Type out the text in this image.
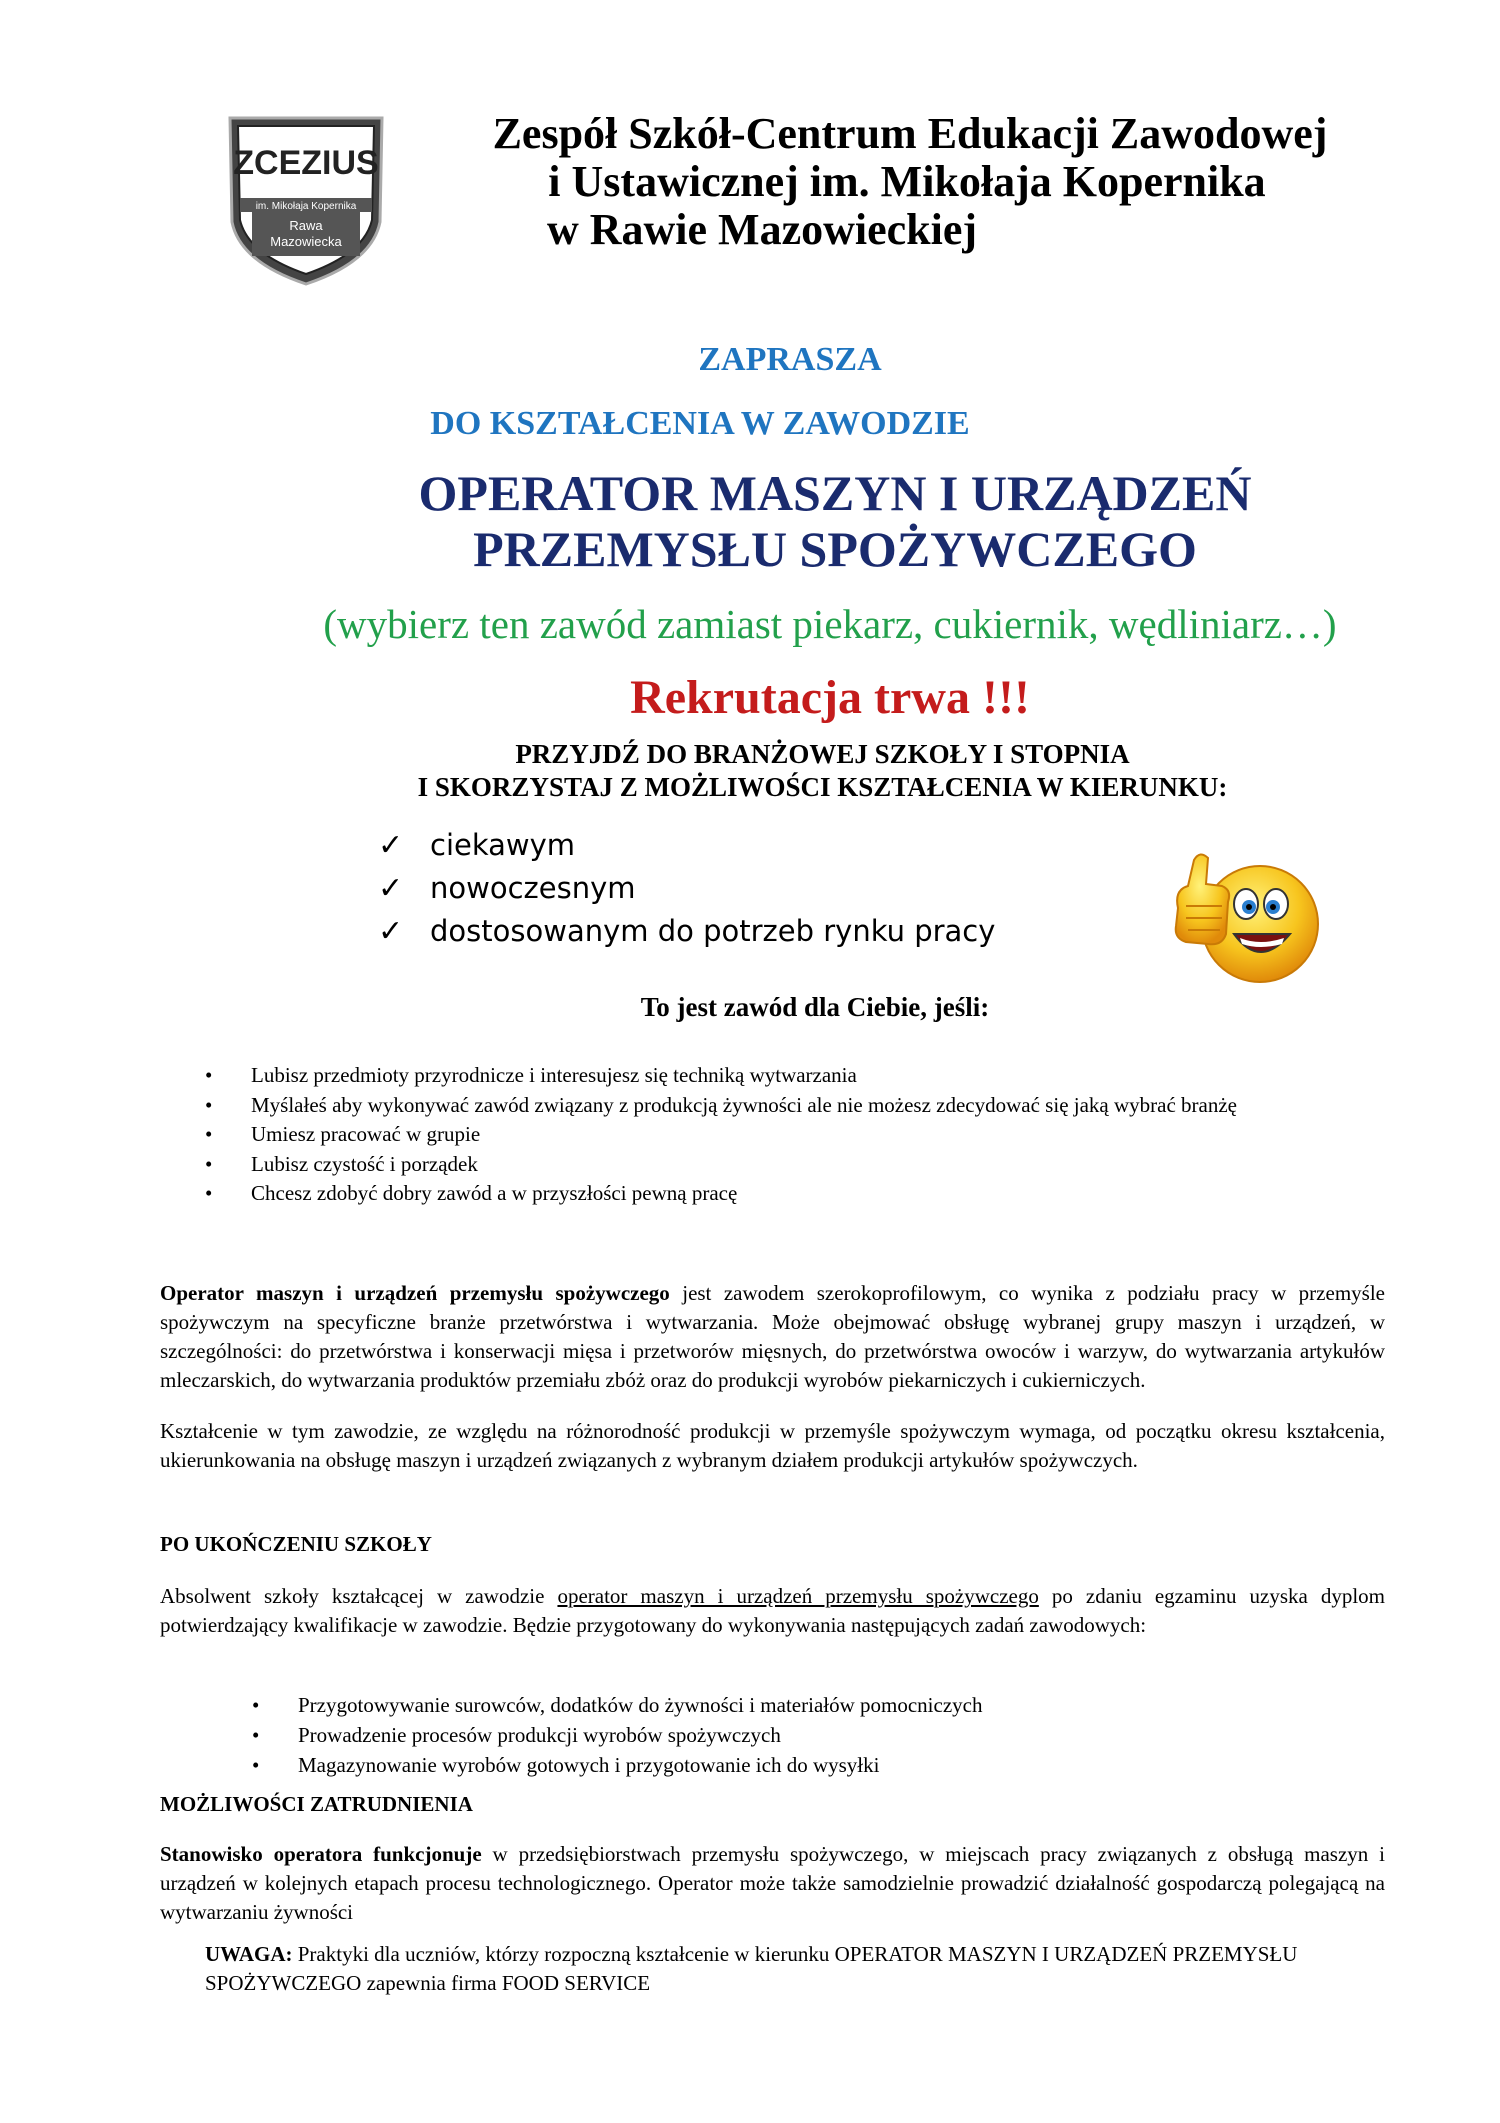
ZCEZIUS
im. Mikołaja Kopernika
Rawa
Mazowiecka
Zespół Szkół-Centrum Edukacji Zawodowej
i Ustawicznej im. Mikołaja Kopernika
w Rawie Mazowieckiej
ZAPRASZA
DO KSZTAŁCENIA W ZAWODZIE
OPERATOR MASZYN I URZĄDZEŃ
PRZEMYSŁU SPOŻYWCZEGO
(wybierz ten zawód zamiast piekarz, cukiernik, wędliniarz…)
Rekrutacja trwa !!!
PRZYJDŹ DO BRANŻOWEJ SZKOŁY I STOPNIA
I SKORZYSTAJ Z MOŻLIWOŚCI KSZTAŁCENIA W KIERUNKU:
✓ ciekawym
✓ nowoczesnym
✓ dostosowanym do potrzeb rynku pracy
To jest zawód dla Ciebie, jeśli:
• Lubisz przedmioty przyrodnicze i interesujesz się techniką wytwarzania
• Myślałeś aby wykonywać zawód związany z produkcją żywności ale nie możesz zdecydować się jaką wybrać branżę
• Umiesz pracować w grupie
• Lubisz czystość i porządek
• Chcesz zdobyć dobry zawód a w przyszłości pewną pracę

Operator maszyn i urządzeń przemysłu spożywczego jest zawodem szerokoprofilowym, co wynika z podziału pracy w przemyśle spożywczym na specyficzne branże przetwórstwa i wytwarzania. Może obejmować obsługę wybranej grupy maszyn i urządzeń, w szczególności: do przetwórstwa i konserwacji mięsa i przetworów mięsnych, do przetwórstwa owoców i warzyw, do wytwarzania artykułów mleczarskich, do wytwarzania produktów przemiału zbóż oraz do produkcji wyrobów piekarniczych i cukierniczych.

Kształcenie w tym zawodzie, ze względu na różnorodność produkcji w przemyśle spożywczym wymaga, od początku okresu kształcenia, ukierunkowania na obsługę maszyn i urządzeń związanych z wybranym działem produkcji artykułów spożywczych.

PO UKOŃCZENIU SZKOŁY

Absolwent szkoły kształcącej w zawodzie operator maszyn i urządzeń przemysłu spożywczego po zdaniu egzaminu uzyska dyplom potwierdzający kwalifikacje w zawodzie. Będzie przygotowany do wykonywania następujących zadań zawodowych:

• Przygotowywanie surowców, dodatków do żywności i materiałów pomocniczych
• Prowadzenie procesów produkcji wyrobów spożywczych
• Magazynowanie wyrobów gotowych i przygotowanie ich do wysyłki
MOŻLIWOŚCI ZATRUDNIENIA

Stanowisko operatora funkcjonuje w przedsiębiorstwach przemysłu spożywczego, w miejscach pracy związanych z obsługą maszyn i urządzeń w kolejnych etapach procesu technologicznego. Operator może także samodzielnie prowadzić działalność gospodarczą polegającą na wytwarzaniu żywności

UWAGA: Praktyki dla uczniów, którzy rozpoczną kształcenie w kierunku OPERATOR MASZYN I URZĄDZEŃ PRZEMYSŁU SPOŻYWCZEGO zapewnia firma FOOD SERVICE
